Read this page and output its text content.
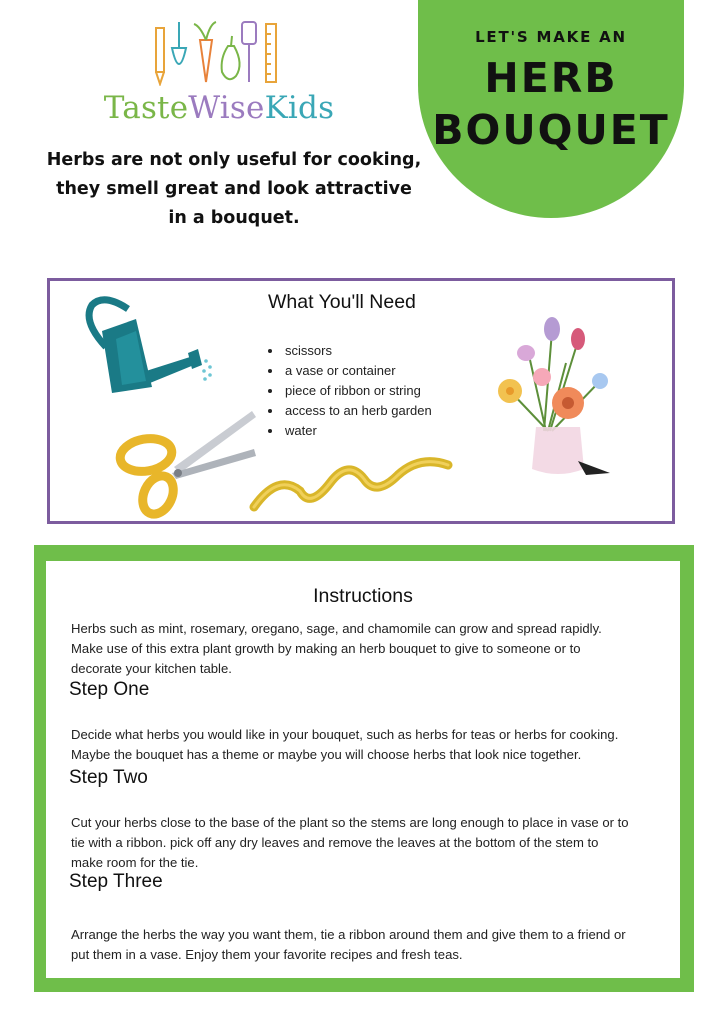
TasteWiseKids
LET'S MAKE AN
HERB
BOUQUET
Herbs are not only useful for cooking,
they smell great and look attractive
in a bouquet.
What You'll Need
• scissors
• a vase or container
• piece of ribbon or string
• access to an herb garden
• water
Instructions
Herbs such as mint, rosemary, oregano, sage, and chamomile can grow and spread rapidly.
Make use of this extra plant growth by making an herb bouquet to give to someone or to
decorate your kitchen table.
Step One
Decide what herbs you would like in your bouquet, such as herbs for teas or herbs for cooking.
Maybe the bouquet has a theme or maybe you will choose herbs that look nice together.
Step Two
Cut your herbs close to the base of the plant so the stems are long enough to place in vase or to
tie with a ribbon. pick off any dry leaves and remove the leaves at the bottom of the stem to
make room for the tie.
Step Three
Arrange the herbs the way you want them, tie a ribbon around them and give them to a friend or
put them in a vase. Enjoy them your favorite recipes and fresh teas.
